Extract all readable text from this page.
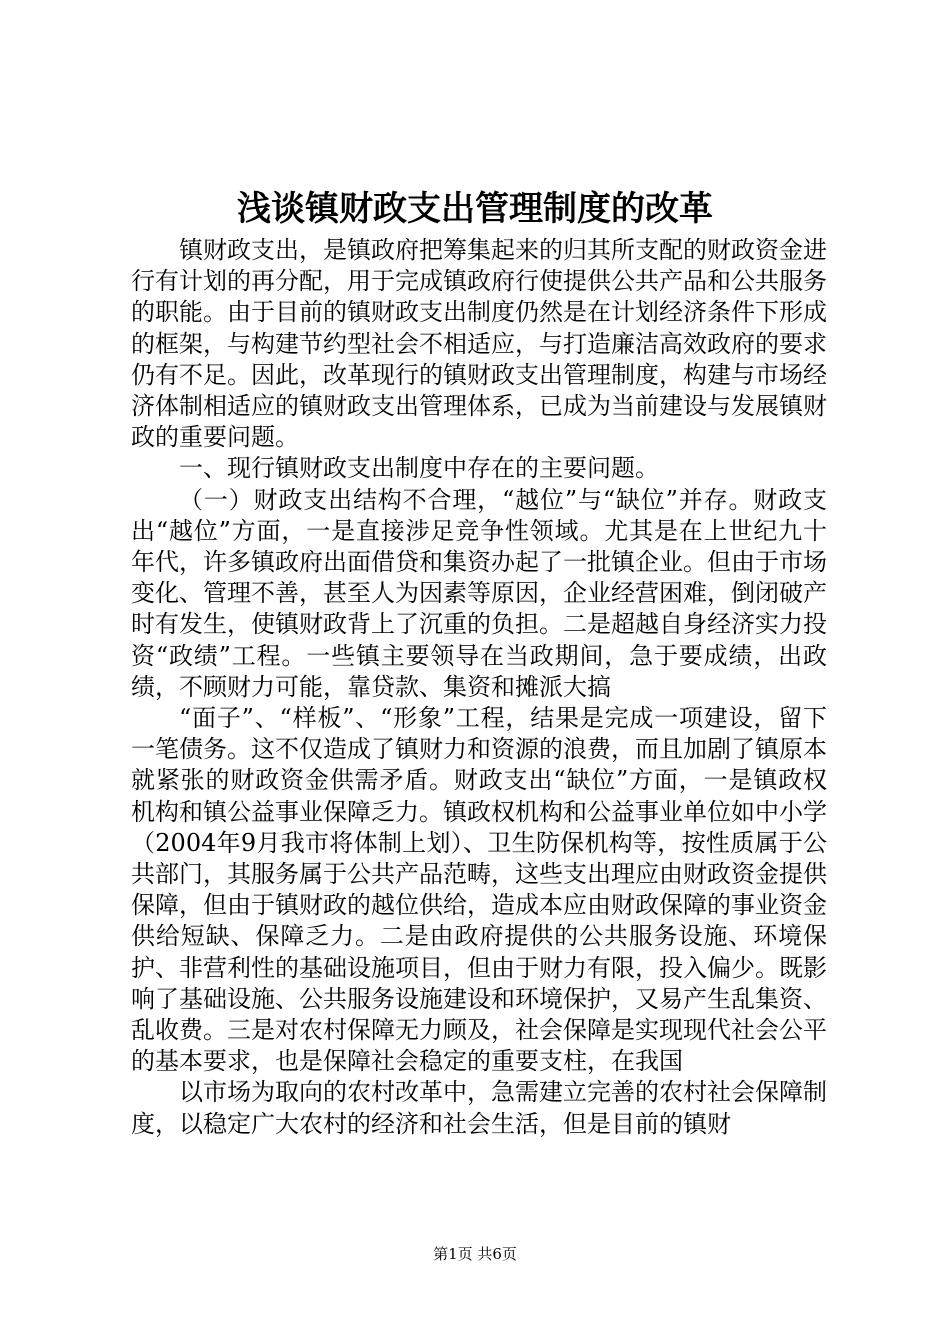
浅谈镇财政支出管理制度的改革

镇财政支出，是镇政府把筹集起来的归其所支配的财政资金进行有计划的再分配，用于完成镇政府行使提供公共产品和公共服务的职能。由于目前的镇财政支出制度仍然是在计划经济条件下形成的框架，与构建节约型社会不相适应，与打造廉洁高效政府的要求仍有不足。因此，改革现行的镇财政支出管理制度，构建与市场经济体制相适应的镇财政支出管理体系，已成为当前建设与发展镇财政的重要问题。

一、现行镇财政支出制度中存在的主要问题。

（一）财政支出结构不合理，“越位”与“缺位”并存。财政支出“越位”方面，一是直接涉足竞争性领域。尤其是在上世纪九十年代，许多镇政府出面借贷和集资办起了一批镇企业。但由于市场变化、管理不善，甚至人为因素等原因，企业经营困难，倒闭破产时有发生，使镇财政背上了沉重的负担。二是超越自身经济实力投资“政绩”工程。一些镇主要领导在当政期间，急于要成绩，出政绩，不顾财力可能，靠贷款、集资和摊派大搞

“面子”、“样板”、“形象”工程，结果是完成一项建设，留下一笔债务。这不仅造成了镇财力和资源的浪费，而且加剧了镇原本就紧张的财政资金供需矛盾。财政支出“缺位”方面，一是镇政权机构和镇公益事业保障乏力。镇政权机构和公益事业单位如中小学（2004年9月我市将体制上划）、卫生防保机构等，按性质属于公共部门，其服务属于公共产品范畴，这些支出理应由财政资金提供保障，但由于镇财政的越位供给，造成本应由财政保障的事业资金供给短缺、保障乏力。二是由政府提供的公共服务设施、环境保护、非营利性的基础设施项目，但由于财力有限，投入偏少。既影响了基础设施、公共服务设施建设和环境保护，又易产生乱集资、乱收费。三是对农村保障无力顾及，社会保障是实现现代社会公平的基本要求，也是保障社会稳定的重要支柱，在我国

以市场为取向的农村改革中，急需建立完善的农村社会保障制度，以稳定广大农村的经济和社会生活，但是目前的镇财

第1页 共6页
